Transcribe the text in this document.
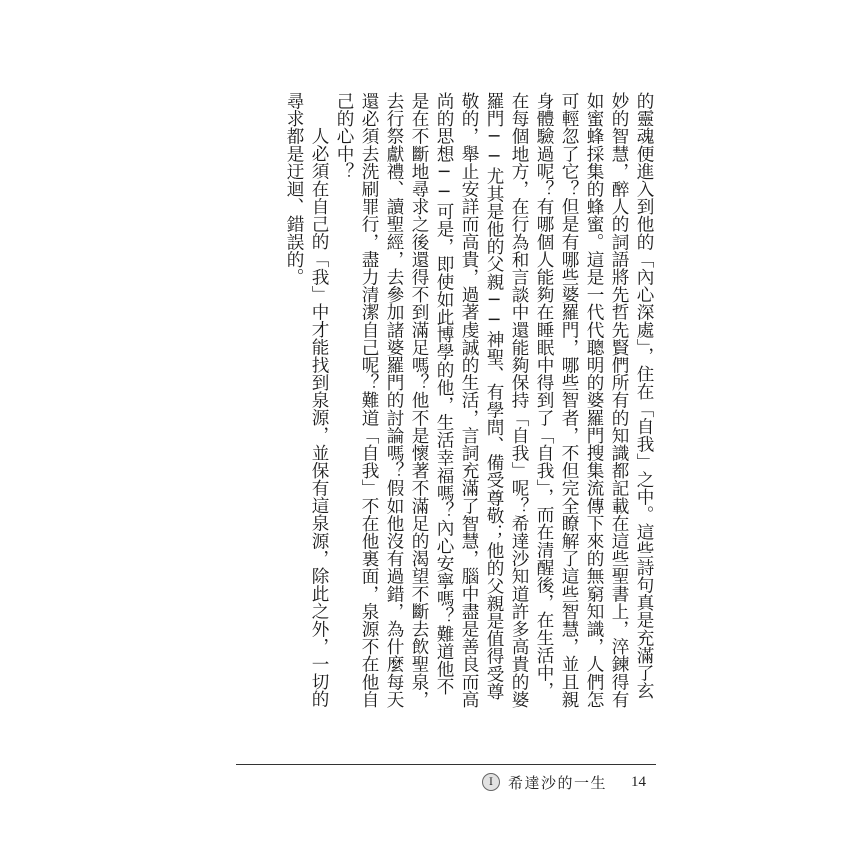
的靈魂便進入到他的「內心深處」，住在「自我」之中。這些詩句真是充滿了玄妙的智慧，醉人的詞語將先哲先賢們所有的知識都記載在這些聖書上，淬鍊得有如蜜蜂採集的蜂蜜。這是一代代聰明的婆羅門搜集流傳下來的無窮知識，人們怎可輕忽了它？但是有哪些婆羅門，哪些智者，不但完全瞭解了這些智慧，並且親身體驗過呢？有哪個人能夠在睡眠中得到了「自我」，而在清醒後，在生活中，在每個地方，在行為和言談中還能夠保持「自我」呢？希達沙知道許多高貴的婆羅門──尤其是他的父親──神聖、有學問、備受尊敬；他的父親是值得受尊敬的，舉止安詳而高貴，過著虔誠的生活，言詞充滿了智慧，腦中盡是善良而高尚的思想──可是，即使如此博學的他，生活幸福嗎？內心安寧嗎？難道他不是在不斷地尋求之後還得不到滿足嗎？他不是懷著不滿足的渴望不斷去飲聖泉，去行祭獻禮、讀聖經，去參加諸婆羅門的討論嗎？假如他沒有過錯，為什麼每天還必須去洗刷罪行，盡力清潔自己呢？難道「自我」不在他裏面，泉源不在他自己的心中？

人必須在自己的「我」中才能找到泉源，並保有這泉源，除此之外，一切的尋求都是迂迴、錯誤的。

I	希達沙的一生 14
